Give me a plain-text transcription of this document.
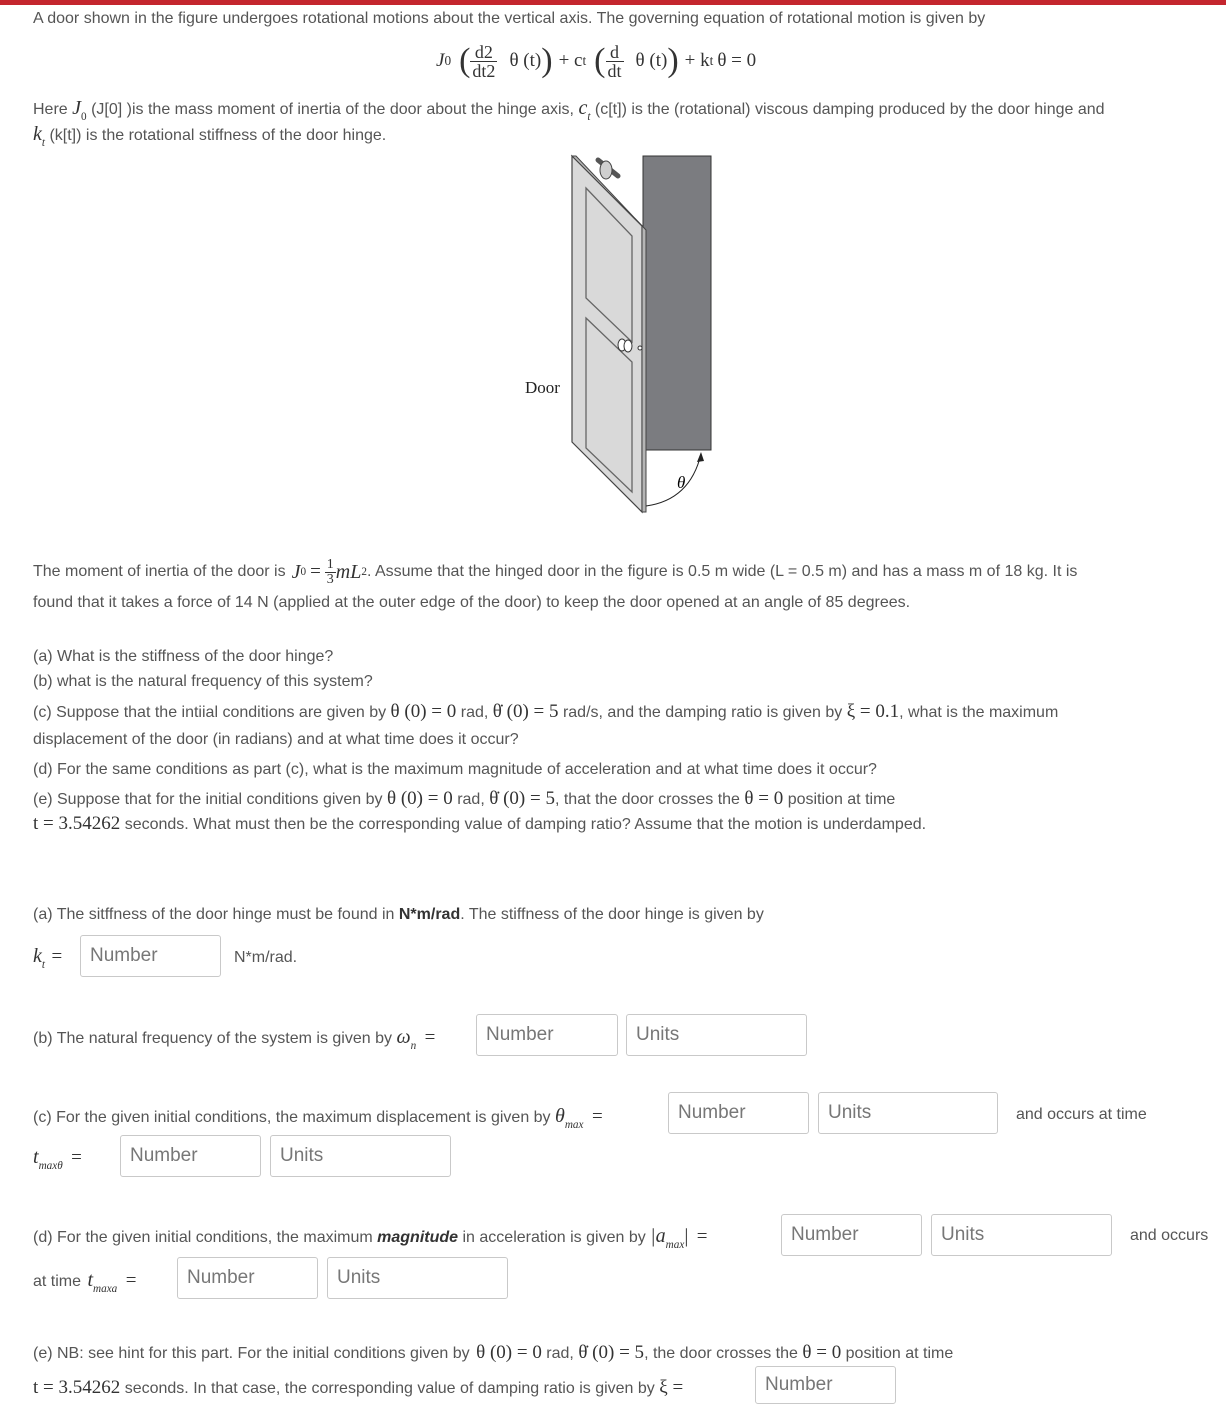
A door shown in the figure undergoes rotational motions about the vertical axis. The governing equation of rotational motion is given by
J 0 ( $\frac{d2}{dt2}$ θ (t) ) + c t ( $\frac{d}{dt}$ θ (t) ) + k t θ = 0
Here $J_0$ (J[0] )is the mass moment of inertia of the door about the hinge axis, $c_t$ (c[t]) is the (rotational) viscous damping produced by the door hinge and
$k_t$ (k[t]) is the rotational stiffness of the door hinge.
θ
Door
The moment of inertia of the door is J $0 = \frac{1}{3}$ mL 2 . Assume that the hinged door in the figure is 0.5 m wide (L = 0.5 m) and has a mass m of 18 kg. It is
found that it takes a force of 14 N (applied at the outer edge of the door) to keep the door opened at an angle of 85 degrees.
(a) What is the stiffness of the door hinge?
(b) what is the natural frequency of this system?
(c) Suppose that the intiial conditions are given by θ (0) = 0 rad, θ̇ (0) = 5 rad/s, and the damping ratio is given by ξ = 0.1, what is the maximum
displacement of the door (in radians) and at what time does it occur?
(d) For the same conditions as part (c), what is the maximum magnitude of acceleration and at what time does it occur?
(e) Suppose that for the initial conditions given by θ (0) = 0 rad, θ̇ (0) = 5, that the door crosses the θ = 0 position at time
t = 3.54262 seconds. What must then be the corresponding value of damping ratio? Assume that the motion is underdamped.
(a) The sitffness of the door hinge must be found in N*m/rad. The stiffness of the door hinge is given by
$k_t$ =
Number	N*m/rad.
(b) The natural frequency of the system is given by $\omega_n$ =
Number
Units
(c) For the given initial conditions, the maximum displacement is given by $\theta_{max}$ =
Number
Units	and occurs at time
$t_{max\theta}$ =
Number
Units
(d) For the given initial conditions, the maximum magnitude in acceleration is given by $|a_{max}|$ =
Number
Units	and occurs
at time $t_{maxa}$ =
Number
Units
(e) NB: see hint for this part. For the initial conditions given by θ (0) = 0 rad, θ̇ (0) = 5, the door crosses the θ = 0 position at time
t = 3.54262 seconds. In that case, the corresponding value of damping ratio is given by ξ =
Number
